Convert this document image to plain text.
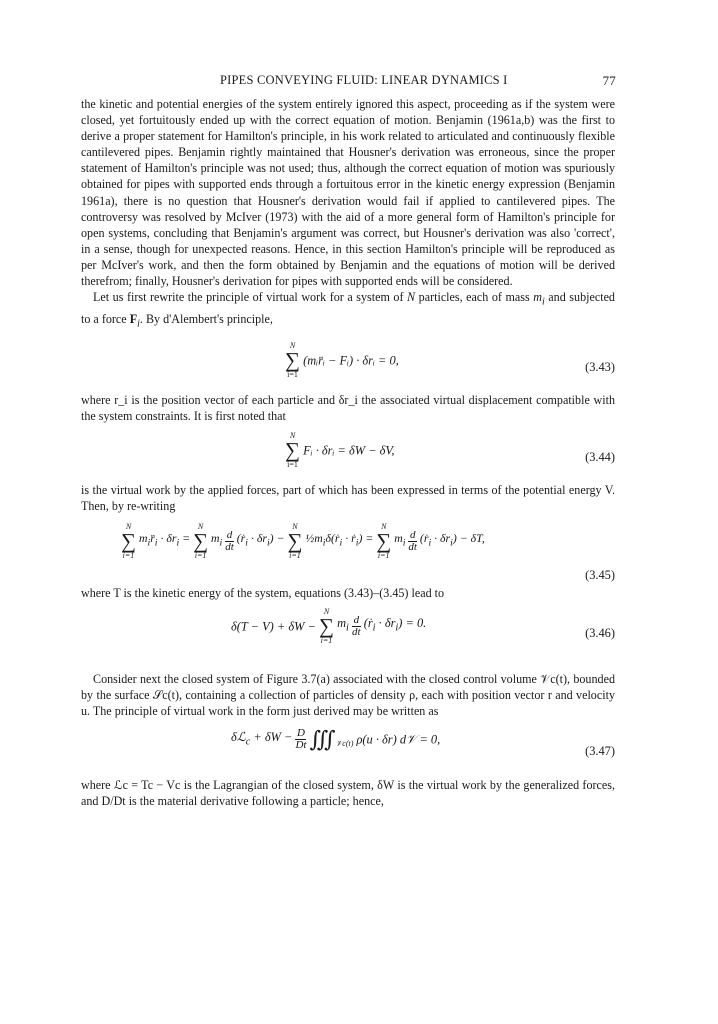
PIPES CONVEYING FLUID: LINEAR DYNAMICS I	77

the kinetic and potential energies of the system entirely ignored this aspect, proceeding as if the system were closed, yet fortuitously ended up with the correct equation of motion. Benjamin (1961a,b) was the first to derive a proper statement for Hamilton's principle, in his work related to articulated and continuously flexible cantilevered pipes. Benjamin rightly maintained that Housner's derivation was erroneous, since the proper statement of Hamilton's principle was not used; thus, although the correct equation of motion was spuriously obtained for pipes with supported ends through a fortuitous error in the kinetic energy expression (Benjamin 1961a), there is no question that Housner's derivation would fail if applied to cantilevered pipes. The controversy was resolved by McIver (1973) with the aid of a more general form of Hamilton's principle for open systems, concluding that Benjamin's argument was correct, but Housner's derivation was also 'correct', in a sense, though for unexpected reasons. Hence, in this section Hamilton's principle will be reproduced as per McIver's work, and then the form obtained by Benjamin and the equations of motion will be derived therefrom; finally, Housner's derivation for pipes with supported ends will be considered.

Let us first rewrite the principle of virtual work for a system of N particles, each of mass $m_i$ and subjected to a force $F_i$. By d'Alembert's principle,

N
∑
i=1
(mᵢr̈ᵢ − Fᵢ) · δrᵢ = 0,	(3.43)

where r_i is the position vector of each particle and δr_i the associated virtual displacement compatible with the system constraints. It is first noted that

N
∑
i=1
Fᵢ · δrᵢ = δW − δV,	(3.44)

is the virtual work by the applied forces, part of which has been expressed in terms of the potential energy V. Then, by re-writing

N
∑
i=1
$m_ir̈_i \cdot \delta r_i$ =
N
∑
i=1
$m_i \frac{d}{dt}$ (ṙ$_i$ · $\delta r_i$) −
N
∑
i=1
$\frac{1}{2}m_i\delta(ṙ_i$ · ṙ$_i$) =
N
∑
i=1
$m_i \frac{d}{dt}$ (ṙ$_i$ · $\delta r_i) - \delta T$,
(3.45)

where T is the kinetic energy of the system, equations (3.43)–(3.45) lead to

δ(T − V) + δW −
N
∑
i=1
$m_i \frac{d}{dt}$ (ṙ$_i$ · $\delta r_i) = 0$.
(3.46)

Consider next the closed system of Figure 3.7(a) associated with the closed control volume 𝒱c(t), bounded by the surface 𝒮c(t), containing a collection of particles of density ρ, each with position vector r and velocity u. The principle of virtual work in the form just derived may be written as

δℒ$_c$ + $\delta W - \frac{D}{Dt}$ $∭_{𝒱c(t)}$ ρ(u · δr) d𝒱 = 0,
(3.47)

where ℒc = Tc − Vc is the Lagrangian of the closed system, δW is the virtual work by the generalized forces, and D/Dt is the material derivative following a particle; hence,
